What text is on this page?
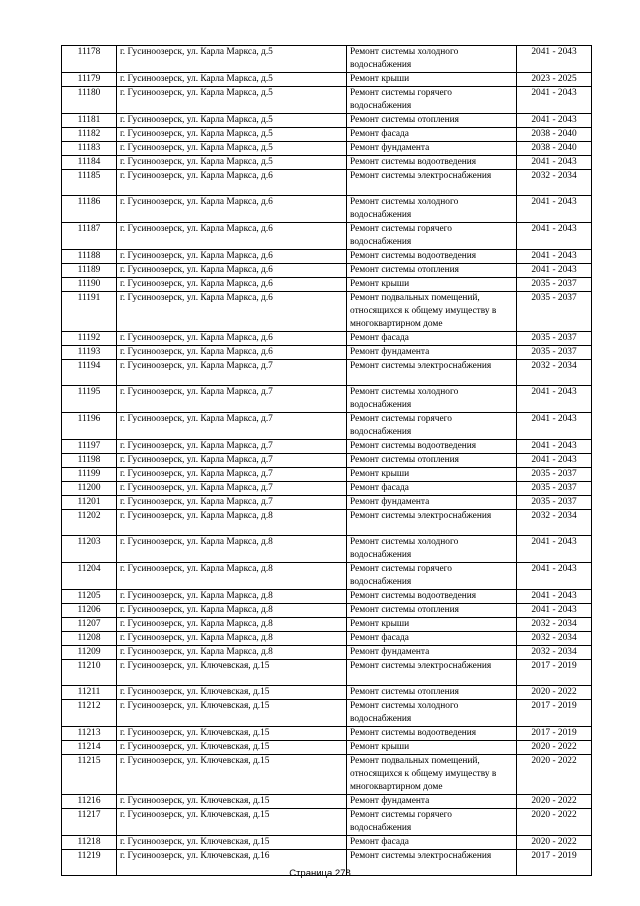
11178	г. Гусиноозерск, ул. Карла Маркса, д.5	Ремонт системы холодного водоснабжения	2041 - 2043
11179	г. Гусиноозерск, ул. Карла Маркса, д.5	Ремонт крыши	2023 - 2025
11180	г. Гусиноозерск, ул. Карла Маркса, д.5	Ремонт системы горячего водоснабжения	2041 - 2043
11181	г. Гусиноозерск, ул. Карла Маркса, д.5	Ремонт системы отопления	2041 - 2043
11182	г. Гусиноозерск, ул. Карла Маркса, д.5	Ремонт фасада	2038 - 2040
11183	г. Гусиноозерск, ул. Карла Маркса, д.5	Ремонт фундамента	2038 - 2040
11184	г. Гусиноозерск, ул. Карла Маркса, д.5	Ремонт системы водоотведения	2041 - 2043
11185	г. Гусиноозерск, ул. Карла Маркса, д.6	Ремонт системы электроснабжения	2032 - 2034
11186	г. Гусиноозерск, ул. Карла Маркса, д.6	Ремонт системы холодного водоснабжения	2041 - 2043
11187	г. Гусиноозерск, ул. Карла Маркса, д.6	Ремонт системы горячего водоснабжения	2041 - 2043
11188	г. Гусиноозерск, ул. Карла Маркса, д.6	Ремонт системы водоотведения	2041 - 2043
11189	г. Гусиноозерск, ул. Карла Маркса, д.6	Ремонт системы отопления	2041 - 2043
11190	г. Гусиноозерск, ул. Карла Маркса, д.6	Ремонт крыши	2035 - 2037
11191	г. Гусиноозерск, ул. Карла Маркса, д.6	Ремонт подвальных помещений, относящихся к общему имуществу в многоквартирном доме	2035 - 2037
11192	г. Гусиноозерск, ул. Карла Маркса, д.6	Ремонт фасада	2035 - 2037
11193	г. Гусиноозерск, ул. Карла Маркса, д.6	Ремонт фундамента	2035 - 2037
11194	г. Гусиноозерск, ул. Карла Маркса, д.7	Ремонт системы электроснабжения	2032 - 2034
11195	г. Гусиноозерск, ул. Карла Маркса, д.7	Ремонт системы холодного водоснабжения	2041 - 2043
11196	г. Гусиноозерск, ул. Карла Маркса, д.7	Ремонт системы горячего водоснабжения	2041 - 2043
11197	г. Гусиноозерск, ул. Карла Маркса, д.7	Ремонт системы водоотведения	2041 - 2043
11198	г. Гусиноозерск, ул. Карла Маркса, д.7	Ремонт системы отопления	2041 - 2043
11199	г. Гусиноозерск, ул. Карла Маркса, д.7	Ремонт крыши	2035 - 2037
11200	г. Гусиноозерск, ул. Карла Маркса, д.7	Ремонт фасада	2035 - 2037
11201	г. Гусиноозерск, ул. Карла Маркса, д.7	Ремонт фундамента	2035 - 2037
11202	г. Гусиноозерск, ул. Карла Маркса, д.8	Ремонт системы электроснабжения	2032 - 2034
11203	г. Гусиноозерск, ул. Карла Маркса, д.8	Ремонт системы холодного водоснабжения	2041 - 2043
11204	г. Гусиноозерск, ул. Карла Маркса, д.8	Ремонт системы горячего водоснабжения	2041 - 2043
11205	г. Гусиноозерск, ул. Карла Маркса, д.8	Ремонт системы водоотведения	2041 - 2043
11206	г. Гусиноозерск, ул. Карла Маркса, д.8	Ремонт системы отопления	2041 - 2043
11207	г. Гусиноозерск, ул. Карла Маркса, д.8	Ремонт крыши	2032 - 2034
11208	г. Гусиноозерск, ул. Карла Маркса, д.8	Ремонт фасада	2032 - 2034
11209	г. Гусиноозерск, ул. Карла Маркса, д.8	Ремонт фундамента	2032 - 2034
11210	г. Гусиноозерск, ул. Ключевская, д.15	Ремонт системы электроснабжения	2017 - 2019
11211	г. Гусиноозерск, ул. Ключевская, д.15	Ремонт системы отопления	2020 - 2022
11212	г. Гусиноозерск, ул. Ключевская, д.15	Ремонт системы холодного водоснабжения	2017 - 2019
11213	г. Гусиноозерск, ул. Ключевская, д.15	Ремонт системы водоотведения	2017 - 2019
11214	г. Гусиноозерск, ул. Ключевская, д.15	Ремонт крыши	2020 - 2022
11215	г. Гусиноозерск, ул. Ключевская, д.15	Ремонт подвальных помещений, относящихся к общему имуществу в многоквартирном доме	2020 - 2022
11216	г. Гусиноозерск, ул. Ключевская, д.15	Ремонт фундамента	2020 - 2022
11217	г. Гусиноозерск, ул. Ключевская, д.15	Ремонт системы горячего водоснабжения	2020 - 2022
11218	г. Гусиноозерск, ул. Ключевская, д.15	Ремонт фасада	2020 - 2022
11219	г. Гусиноозерск, ул. Ключевская, д.16	Ремонт системы электроснабжения	2017 - 2019
Страница 278
